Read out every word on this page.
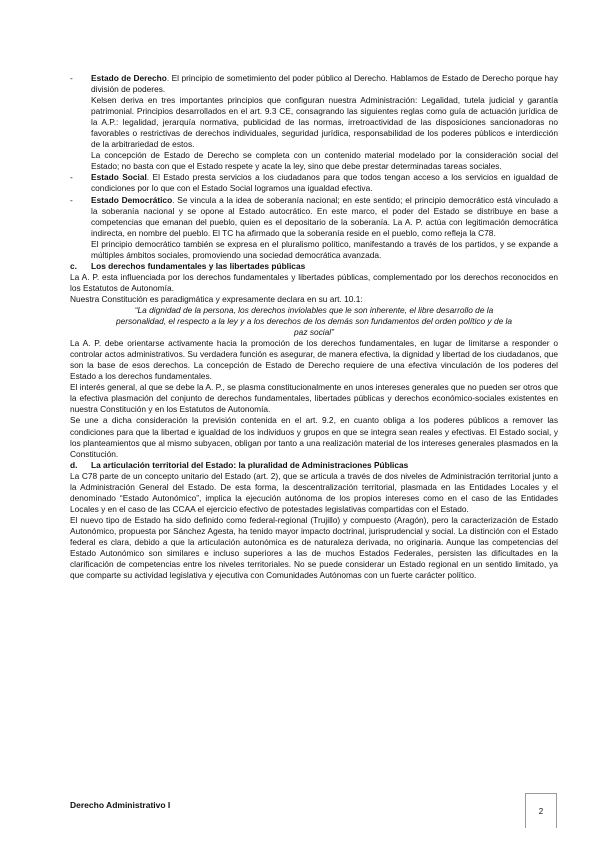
- Estado de Derecho. El principio de sometimiento del poder público al Derecho. Hablamos de Estado de Derecho porque hay división de poderes.

Kelsen deriva en tres importantes principios que configuran nuestra Administración: Legalidad, tutela judicial y garantía patrimonial. Principios desarrollados en el art. 9.3 CE, consagrando las siguientes reglas como guía de actuación jurídica de la A.P.: legalidad, jerarquía normativa, publicidad de las normas, irretroactividad de las disposiciones sancionadoras no favorables o restrictivas de derechos individuales, seguridad jurídica, responsabilidad de los poderes públicos e interdicción de la arbitrariedad de estos.

La concepción de Estado de Derecho se completa con un contenido material modelado por la consideración social del Estado; no basta con que el Estado respete y acate la ley, sino que debe prestar determinadas tareas sociales.

- Estado Social. El Estado presta servicios a los ciudadanos para que todos tengan acceso a los servicios en igualdad de condiciones por lo que con el Estado Social logramos una igualdad efectiva.

- Estado Democrático. Se vincula a la idea de soberanía nacional; en este sentido; el principio democrático está vinculado a la soberanía nacional y se opone al Estado autocrático. En este marco, el poder del Estado se distribuye en base a competencias que emanan del pueblo, quien es el depositario de la soberanía. La A. P. actúa con legitimación democrática indirecta, en nombre del pueblo. El TC ha afirmado que la soberanía reside en el pueblo, como refleja la C78.

El principio democrático también se expresa en el pluralismo político, manifestando a través de los partidos, y se expande a múltiples ámbitos sociales, promoviendo una sociedad democrática avanzada.

c.	Los derechos fundamentales y las libertades públicas

La A. P. esta influenciada por los derechos fundamentales y libertades públicas, complementado por los derechos reconocidos en los Estatutos de Autonomía.

Nuestra Constitución es paradigmática y expresamente declara en su art. 10.1:

“La dignidad de la persona, los derechos inviolables que le son inherente, el libre desarrollo de la personalidad, el respecto a la ley y a los derechos de los demás son fundamentos del orden político y de la paz social”

La A. P. debe orientarse activamente hacia la promoción de los derechos fundamentales, en lugar de limitarse a responder o controlar actos administrativos. Su verdadera función es asegurar, de manera efectiva, la dignidad y libertad de los ciudadanos, que son la base de esos derechos. La concepción de Estado de Derecho requiere de una efectiva vinculación de los poderes del Estado a los derechos fundamentales.

El interés general, al que se debe la A. P., se plasma constitucionalmente en unos intereses generales que no pueden ser otros que la efectiva plasmación del conjunto de derechos fundamentales, libertades públicas y derechos económico-sociales existentes en nuestra Constitución y en los Estatutos de Autonomía.

Se une a dicha consideración la previsión contenida en el art. 9.2, en cuanto obliga a los poderes públicos a remover las condiciones para que la libertad e igualdad de los individuos y grupos en que se integra sean reales y efectivas. El Estado social, y los planteamientos que al mismo subyacen, obligan por tanto a una realización material de los intereses generales plasmados en la Constitución.

d.	La articulación territorial del Estado: la pluralidad de Administraciones Públicas

La C78 parte de un concepto unitario del Estado (art. 2), que se articula a través de dos niveles de Administración territorial junto a la Administración General del Estado. De esta forma, la descentralización territorial, plasmada en las Entidades Locales y el denominado “Estado Autonómico”, implica la ejecución autónoma de los propios intereses como en el caso de las Entidades Locales y en el caso de las CCAA el ejercicio efectivo de potestades legislativas compartidas con el Estado.

El nuevo tipo de Estado ha sido definido como federal-regional (Trujillo) y compuesto (Aragón), pero la caracterización de Estado Autonómico, propuesta por Sánchez Agesta, ha tenido mayor impacto doctrinal, jurisprudencial y social. La distinción con el Estado federal es clara, debido a que la articulación autonómica es de naturaleza derivada, no originaria. Aunque las competencias del Estado Autonómico son similares e incluso superiores a las de muchos Estados Federales, persisten las dificultades en la clarificación de competencias entre los niveles territoriales. No se puede considerar un Estado regional en un sentido limitado, ya que comparte su actividad legislativa y ejecutiva con Comunidades Autónomas con un fuerte carácter político.

Derecho Administrativo I
2
